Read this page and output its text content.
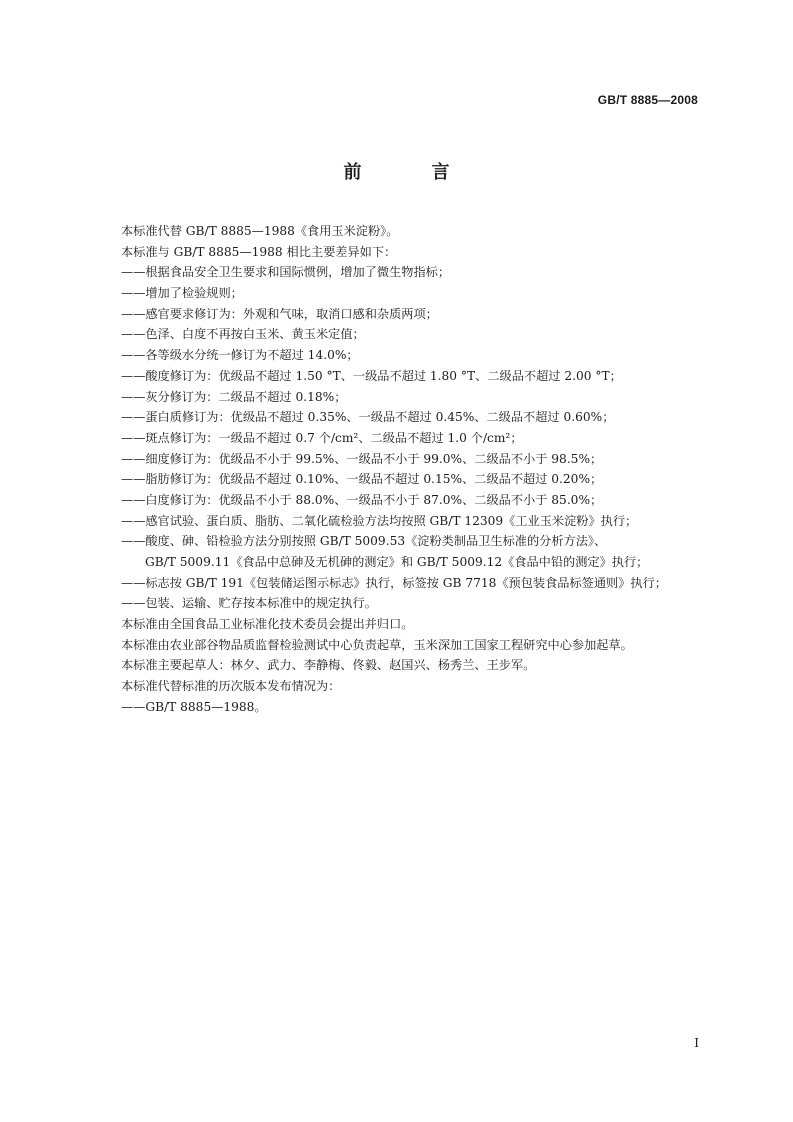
GB/T 8885—2008
前　言
本标准代替 GB/T 8885—1988《食用玉米淀粉》。
本标准与 GB/T 8885—1988 相比主要差异如下：
——根据食品安全卫生要求和国际惯例，增加了微生物指标；
——增加了检验规则；
——感官要求修订为：外观和气味，取消口感和杂质两项；
——色泽、白度不再按白玉米、黄玉米定值；
——各等级水分统一修订为不超过 14.0%；
——酸度修订为：优级品不超过 1.50 °T、一级品不超过 1.80 °T、二级品不超过 2.00 °T；
——灰分修订为：二级品不超过 0.18%；
——蛋白质修订为：优级品不超过 0.35%、一级品不超过 0.45%、二级品不超过 0.60%；
——斑点修订为：一级品不超过 0.7 个/cm²、二级品不超过 1.0 个/cm²；
——细度修订为：优级品不小于 99.5%、一级品不小于 99.0%、二级品不小于 98.5%；
——脂肪修订为：优级品不超过 0.10%、一级品不超过 0.15%、二级品不超过 0.20%；
——白度修订为：优级品不小于 88.0%、一级品不小于 87.0%、二级品不小于 85.0%；
——感官试验、蛋白质、脂肪、二氧化硫检验方法均按照 GB/T 12309《工业玉米淀粉》执行；
——酸度、砷、铅检验方法分别按照 GB/T 5009.53《淀粉类制品卫生标准的分析方法》、
GB/T 5009.11《食品中总砷及无机砷的测定》和 GB/T 5009.12《食品中铅的测定》执行；
——标志按 GB/T 191《包装储运图示标志》执行，标签按 GB 7718《预包装食品标签通则》执行；
——包装、运输、贮存按本标准中的规定执行。
本标准由全国食品工业标准化技术委员会提出并归口。
本标准由农业部谷物品质监督检验测试中心负责起草，玉米深加工国家工程研究中心参加起草。
本标准主要起草人：林夕、武力、李静梅、佟毅、赵国兴、杨秀兰、王步军。
本标准代替标准的历次版本发布情况为：
——GB/T 8885—1988。
I
